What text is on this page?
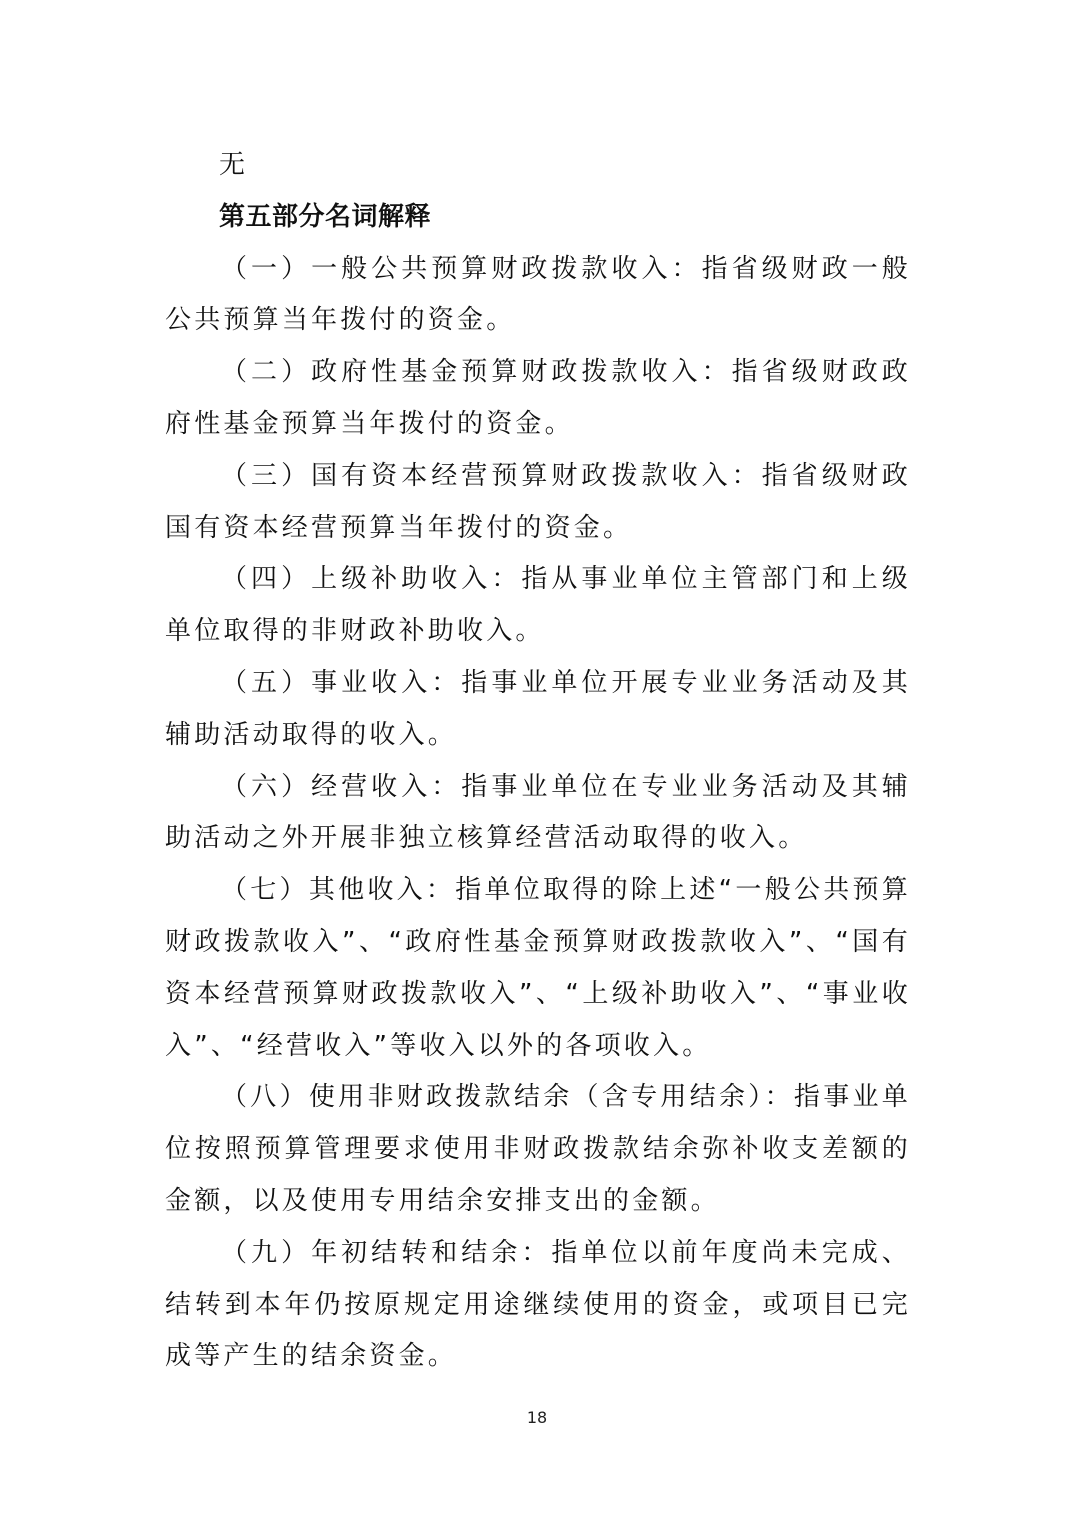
无

第五部分名词解释

（一）一般公共预算财政拨款收入：指省级财政一般公共预算当年拨付的资金。

（二）政府性基金预算财政拨款收入：指省级财政政府性基金预算当年拨付的资金。

（三）国有资本经营预算财政拨款收入：指省级财政国有资本经营预算当年拨付的资金。

（四）上级补助收入：指从事业单位主管部门和上级单位取得的非财政补助收入。

（五）事业收入：指事业单位开展专业业务活动及其辅助活动取得的收入。

（六）经营收入：指事业单位在专业业务活动及其辅助活动之外开展非独立核算经营活动取得的收入。

（七）其他收入：指单位取得的除上述“一般公共预算财政拨款收入”、“政府性基金预算财政拨款收入”、“国有资本经营预算财政拨款收入”、“上级补助收入”、“事业收入”、“经营收入”等收入以外的各项收入。

（八）使用非财政拨款结余（含专用结余）：指事业单位按照预算管理要求使用非财政拨款结余弥补收支差额的金额，以及使用专用结余安排支出的金额。

（九）年初结转和结余：指单位以前年度尚未完成、结转到本年仍按原规定用途继续使用的资金，或项目已完成等产生的结余资金。

18
